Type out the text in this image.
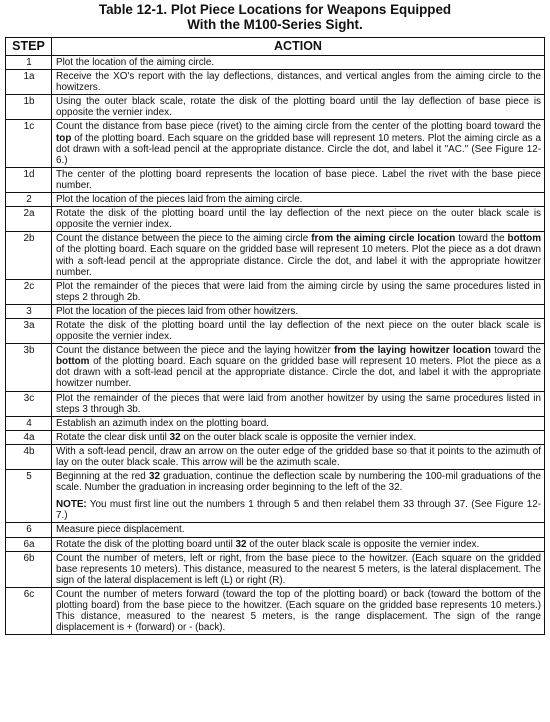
Table 12-1. Plot Piece Locations for Weapons Equipped
With the M100-Series Sight.
STEP	ACTION
1	Plot the location of the aiming circle.
1a	Receive the XO's report with the lay deflections, distances, and vertical angles from the aiming circle to the howitzers.
1b	Using the outer black scale, rotate the disk of the plotting board until the lay deflection of base piece is opposite the vernier index.
1c	Count the distance from base piece (rivet) to the aiming circle from the center of the plotting board toward the top of the plotting board. Each square on the gridded base will represent 10 meters. Plot the aiming circle as a dot drawn with a soft-lead pencil at the appropriate distance. Circle the dot, and label it "AC." (See Figure 12-6.)
1d	The center of the plotting board represents the location of base piece. Label the rivet with the base piece number.
2	Plot the location of the pieces laid from the aiming circle.
2a	Rotate the disk of the plotting board until the lay deflection of the next piece on the outer black scale is opposite the vernier index.
2b	Count the distance between the piece to the aiming circle from the aiming circle location toward the bottom of the plotting board. Each square on the gridded base will represent 10 meters. Plot the piece as a dot drawn with a soft-lead pencil at the appropriate distance. Circle the dot, and label it with the appropriate howitzer number.
2c	Plot the remainder of the pieces that were laid from the aiming circle by using the same procedures listed in steps 2 through 2b.
3	Plot the location of the pieces laid from other howitzers.
3a	Rotate the disk of the plotting board until the lay deflection of the next piece on the outer black scale is opposite the vernier index.
3b	Count the distance between the piece and the laying howitzer from the laying howitzer location toward the bottom of the plotting board. Each square on the gridded base will represent 10 meters. Plot the piece as a dot drawn with a soft-lead pencil at the appropriate distance. Circle the dot, and label it with the appropriate howitzer number.
3c	Plot the remainder of the pieces that were laid from another howitzer by using the same procedures listed in steps 3 through 3b.
4	Establish an azimuth index on the plotting board.
4a	Rotate the clear disk until 32 on the outer black scale is opposite the vernier index.
4b	With a soft-lead pencil, draw an arrow on the outer edge of the gridded base so that it points to the azimuth of lay on the outer black scale. This arrow will be the azimuth scale.
5	Beginning at the red 32 graduation, continue the deflection scale by numbering the 100-mil graduations of the scale. Number the graduation in increasing order beginning to the left of the 32.
NOTE: You must first line out the numbers 1 through 5 and then relabel them 33 through 37. (See Figure 12-7.)

6	Measure piece displacement.
6a	Rotate the disk of the plotting board until 32 of the outer black scale is opposite the vernier index.
6b	Count the number of meters, left or right, from the base piece to the howitzer. (Each square on the gridded base represents 10 meters). This distance, measured to the nearest 5 meters, is the lateral displacement. The sign of the lateral displacement is left (L) or right (R).
6c	Count the number of meters forward (toward the top of the plotting board) or back (toward the bottom of the plotting board) from the base piece to the howitzer. (Each square on the gridded base represents 10 meters.) This distance, measured to the nearest 5 meters, is the range displacement. The sign of the range displacement is + (forward) or - (back).
